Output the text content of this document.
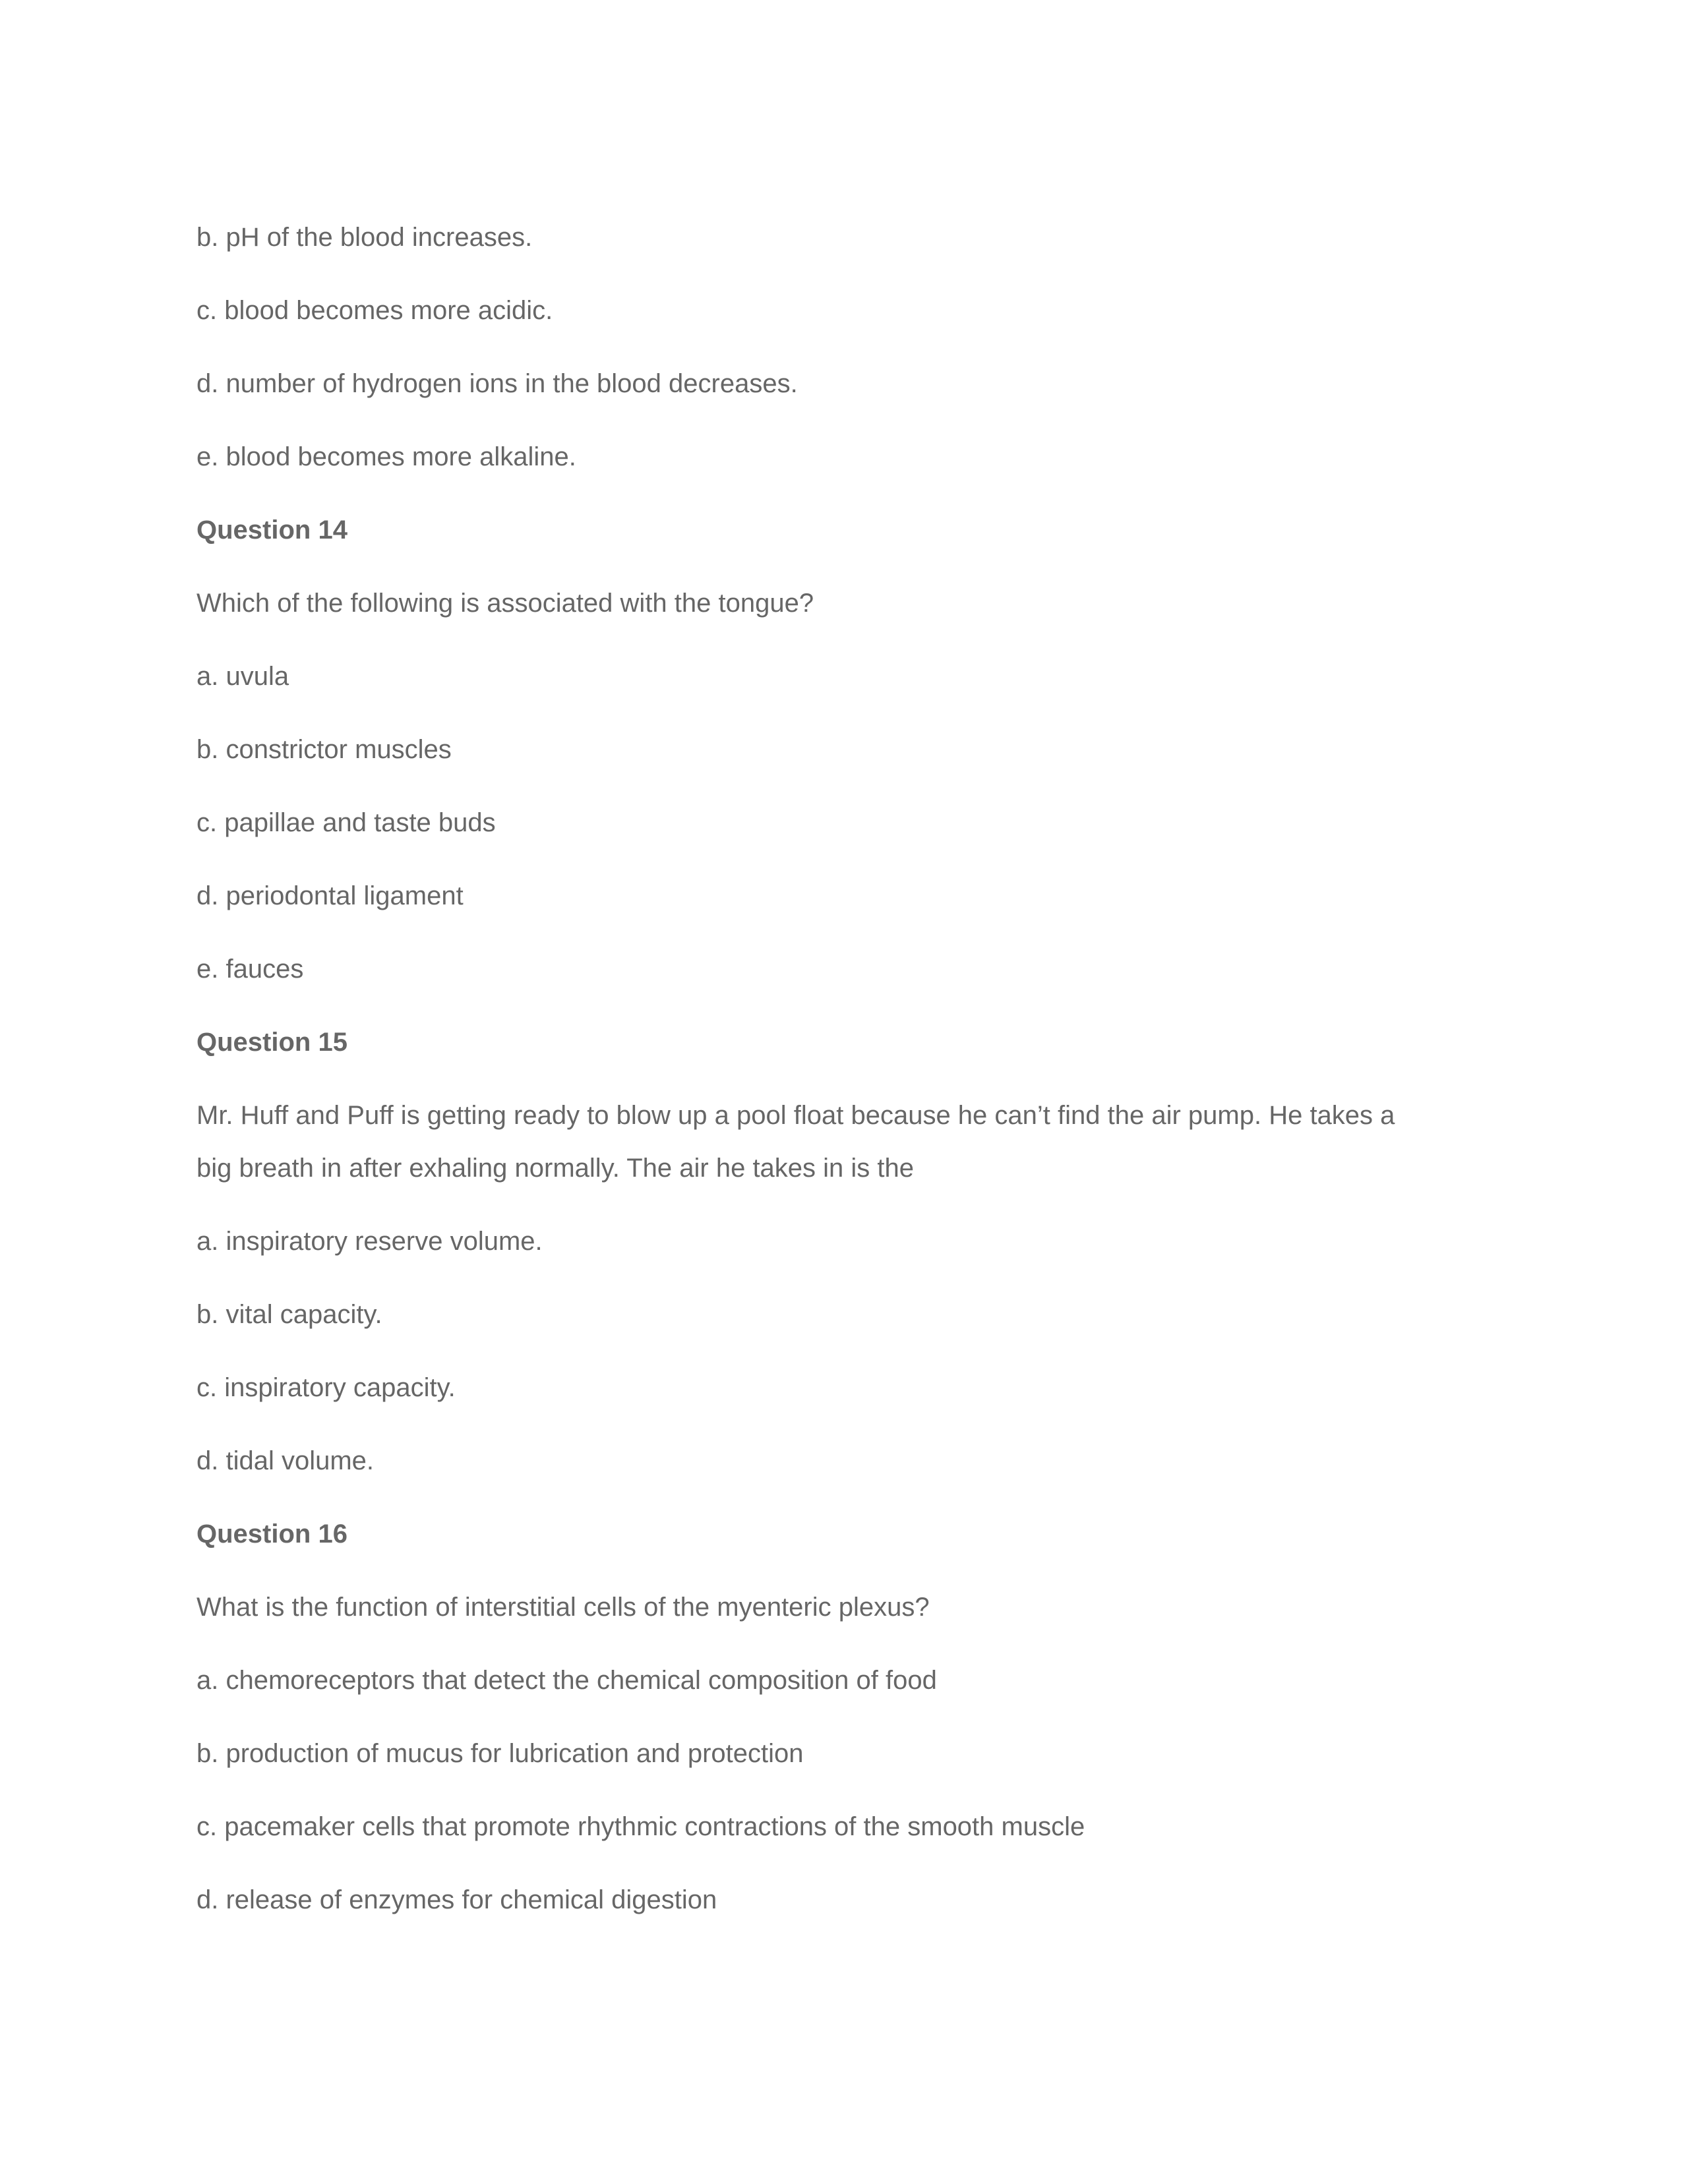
b. pH of the blood increases.

c. blood becomes more acidic.

d. number of hydrogen ions in the blood decreases.

e. blood becomes more alkaline.

Question 14

Which of the following is associated with the tongue?

a. uvula

b. constrictor muscles

c. papillae and taste buds

d. periodontal ligament

e. fauces

Question 15

Mr. Huff and Puff is getting ready to blow up a pool float because he can’t find the air pump. He takes a
big breath in after exhaling normally. The air he takes in is the

a. inspiratory reserve volume.

b. vital capacity.

c. inspiratory capacity.

d. tidal volume.

Question 16

What is the function of interstitial cells of the myenteric plexus?

a. chemoreceptors that detect the chemical composition of food

b. production of mucus for lubrication and protection

c. pacemaker cells that promote rhythmic contractions of the smooth muscle

d. release of enzymes for chemical digestion
